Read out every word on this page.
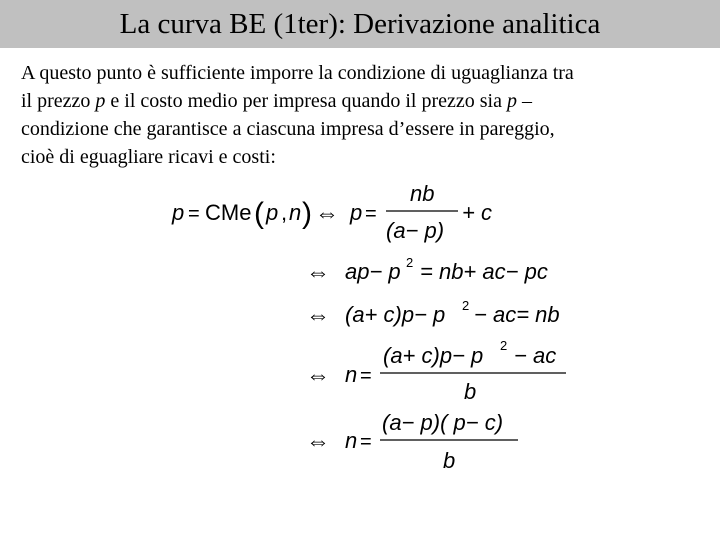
La curva BE (1ter): Derivazione analitica
A questo punto è sufficiente imporre la condizione di uguaglianza tra
il prezzo p e il costo medio per impresa quando il prezzo sia p –
condizione che garantisce a ciascuna impresa d’essere in pareggio,
cioè di eguagliare ricavi e costi:
p = CMe ( p , n ) ⇔ p =
nb
(a− p)
+ c
⇔ ap− p 2 = nb+ ac− pc
⇔ (a+ c)p− p 2 − ac= nb
⇔ n =
(a+ c)p− p 2 − ac
b
⇔ n =
(a− p)( p− c)
b
